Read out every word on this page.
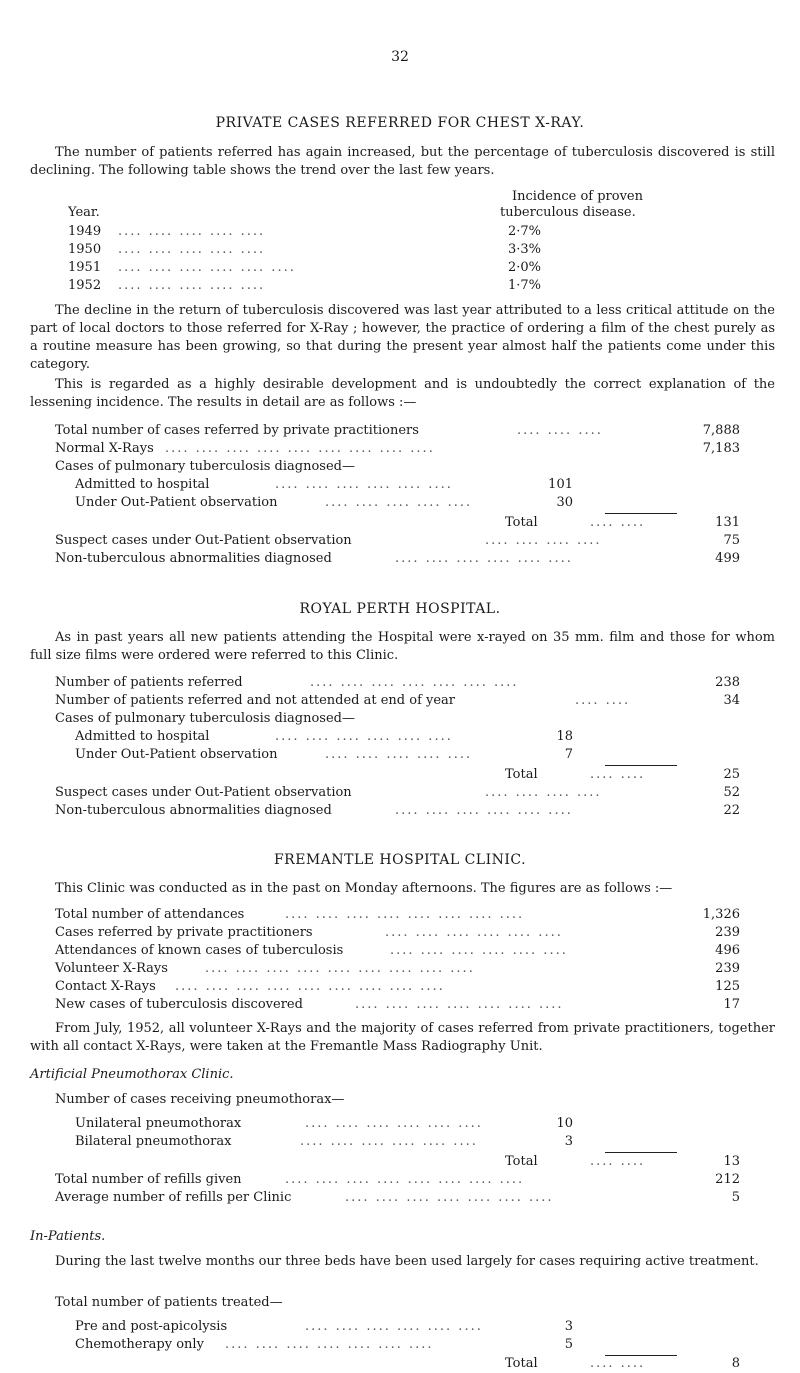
32
PRIVATE CASES REFERRED FOR CHEST X-RAY.
The number of patients referred has again increased, but the percentage of tuberculosis discovered is still declining. The following table shows the trend over the last few years.
Incidence of proven
Year.	tuberculous disease.
1949 .... .... .... .... ....	2·7%
1950 .... .... .... .... ....	3·3%
1951 .... .... .... .... .... ....	2·0%
1952 .... .... .... .... ....	1·7%
The decline in the return of tuberculosis discovered was last year attributed to a less critical attitude on the part of local doctors to those referred for X-Ray ; however, the practice of ordering a film of the chest purely as a routine measure has been growing, so that during the present year almost half the patients come under this category.
This is regarded as a highly desirable development and is undoubtedly the correct explanation of the lessening incidence. The results in detail are as follows :—
Total number of cases referred by private practitioners	.... .... ....	7,888
Normal X-Rays .... .... .... .... .... .... .... .... ....	7,183
Cases of pulmonary tuberculosis diagnosed—
Admitted to hospital	.... .... .... .... .... ....	101
Under Out-Patient observation	.... .... .... .... ....	30
Total	.... ....	131
Suspect cases under Out-Patient observation	.... .... .... ....	75
Non-tuberculous abnormalities diagnosed	.... .... .... .... .... ....	499
ROYAL PERTH HOSPITAL.
As in past years all new patients attending the Hospital were x-rayed on 35 mm. film and those for whom full size films were ordered were referred to this Clinic.
Number of patients referred	.... .... .... .... .... .... ....	238
Number of patients referred and not attended at end of year	.... ....	34
Cases of pulmonary tuberculosis diagnosed—
Admitted to hospital	.... .... .... .... .... ....	18
Under Out-Patient observation	.... .... .... .... ....	7
Total	.... ....	25
Suspect cases under Out-Patient observation	.... .... .... ....	52
Non-tuberculous abnormalities diagnosed	.... .... .... .... .... ....	22
FREMANTLE HOSPITAL CLINIC.
This Clinic was conducted as in the past on Monday afternoons. The figures are as follows :—
Total number of attendances	.... .... .... .... .... .... .... ....	1,326
Cases referred by private practitioners	.... .... .... .... .... ....	239
Attendances of known cases of tuberculosis	.... .... .... .... .... ....	496
Volunteer X-Rays	.... .... .... .... .... .... .... .... ....	239
Contact X-Rays .... .... .... .... .... .... .... .... ....	125
New cases of tuberculosis discovered	.... .... .... .... .... .... ....	17
From July, 1952, all volunteer X-Rays and the majority of cases referred from private practitioners, together with all contact X-Rays, were taken at the Fremantle Mass Radiography Unit.
Artificial Pneumothorax Clinic.
Number of cases receiving pneumothorax—
Unilateral pneumothorax	.... .... .... .... .... ....	10
Bilateral pneumothorax	.... .... .... .... .... ....	3
Total	.... ....	13
Total number of refills given	.... .... .... .... .... .... .... ....	212
Average number of refills per Clinic	.... .... .... .... .... .... ....	5
In-Patients.
During the last twelve months our three beds have been used largely for cases requiring active treatment.
Total number of patients treated—
Pre and post-apicolysis	.... .... .... .... .... ....	3
Chemotherapy only .... .... .... .... .... .... ....	5
Total	.... ....	8
